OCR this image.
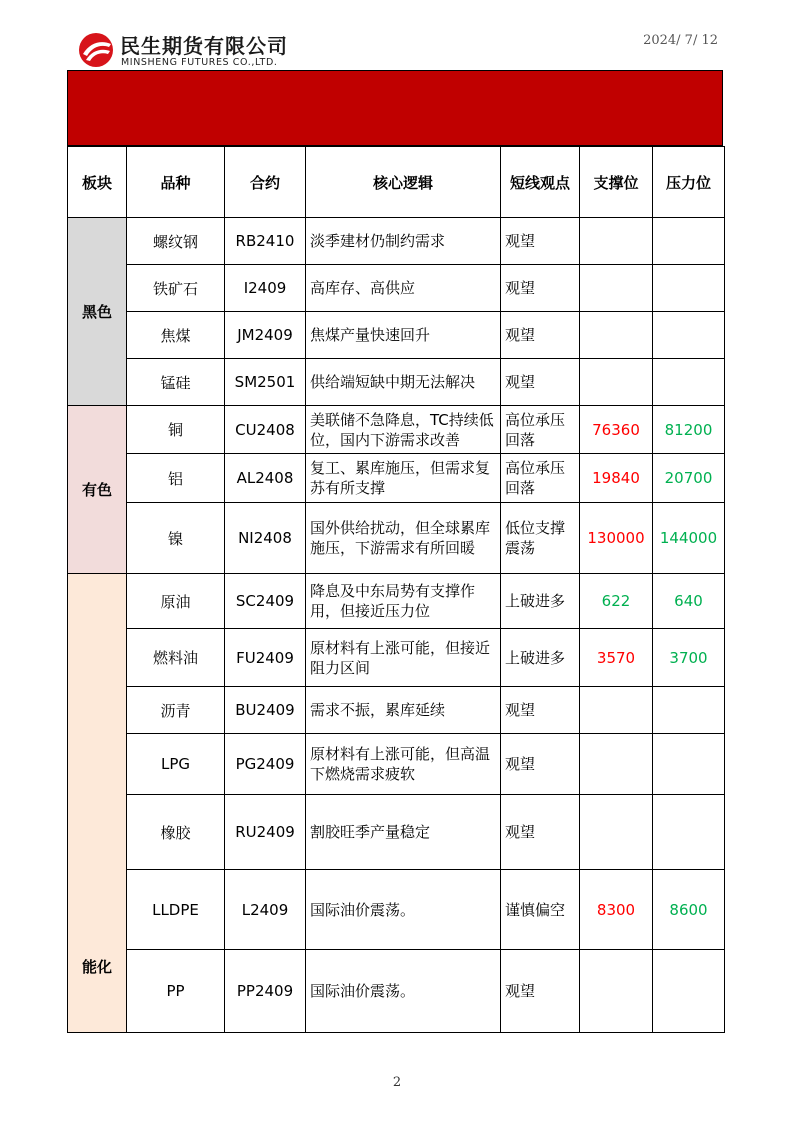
民生期货有限公司
MINSHENG FUTURES CO.,LTD.
2024/ 7/ 12
板块	品种	合约	核心逻辑	短线观点	支撑位	压力位
黑色	螺纹钢	RB2410	淡季建材仍制约需求	观望		
	铁矿石	I2409	高库存、高供应	观望		
	焦煤	JM2409	焦煤产量快速回升	观望		
	锰硅	SM2501	供给端短缺中期无法解决	观望		
有色	铜	CU2408	美联储不急降息，TC持续低位，国内下游需求改善	高位承压回落	76360	81200
	铝	AL2408	复工、累库施压，但需求复苏有所支撑	高位承压回落	19840	20700
	镍	NI2408	国外供给扰动，但全球累库施压，下游需求有所回暖	低位支撑震荡	130000	144000
能化	原油	SC2409	降息及中东局势有支撑作用，但接近压力位	上破进多	622	640
	燃料油	FU2409	原材料有上涨可能，但接近阻力区间	上破进多	3570	3700
	沥青	BU2409	需求不振，累库延续	观望		
	LPG	PG2409	原材料有上涨可能，但高温下燃烧需求疲软	观望		
	橡胶	RU2409	割胶旺季产量稳定	观望		
	LLDPE	L2409	国际油价震荡。	谨慎偏空	8300	8600
	PP	PP2409	国际油价震荡。	观望		
2
